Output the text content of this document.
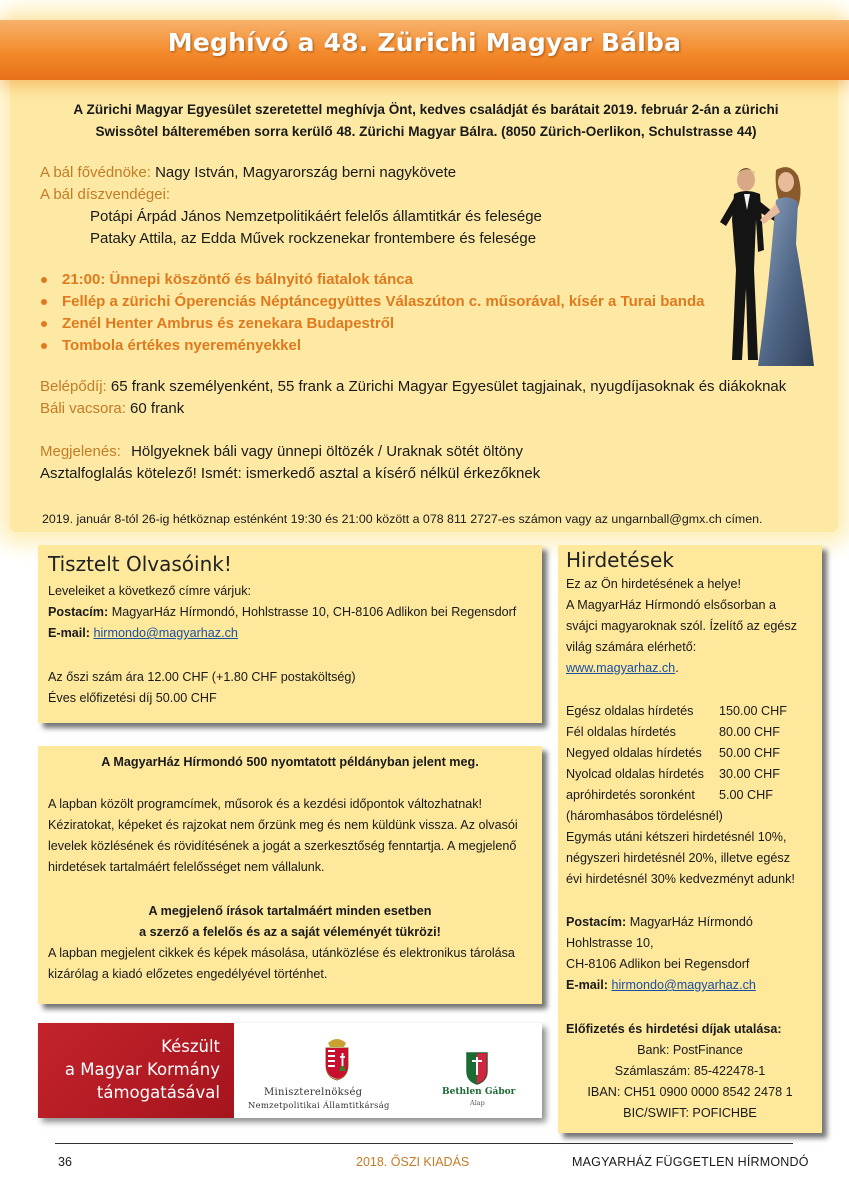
Meghívó a 48. Zürichi Magyar Bálba
A Zürichi Magyar Egyesület szeretettel meghívja Önt, kedves családját és barátait 2019. február 2-án a zürichi
Swissôtel bálteremében sorra kerülő 48. Zürichi Magyar Bálra. (8050 Zürich-Oerlikon, Schulstrasse 44)
A bál fővédnöke: Nagy István, Magyarország berni nagykövete
A bál díszvendégei:
Potápi Árpád János Nemzetpolitikáért felelős államtitkár és felesége
Pataky Attila, az Edda Művek rockzenekar frontembere és felesége
21:00: Ünnepi köszöntő és bálnyitó fiatalok tánca
Fellép a zürichi Óperenciás Néptáncegyüttes Válaszúton c. műsorával, kísér a Turai banda
Zenél Henter Ambrus és zenekara Budapestről
Tombola értékes nyereményekkel
Belépődíj: 65 frank személyenként, 55 frank a Zürichi Magyar Egyesület tagjainak, nyugdíjasoknak és diákoknak
Báli vacsora: 60 frank
Megjelenés: Hölgyeknek báli vagy ünnepi öltözék / Uraknak sötét öltöny
Asztalfoglalás kötelező! Ismét: ismerkedő asztal a kísérő nélkül érkezőknek
2019. január 8-tól 26-ig hétköznap esténként 19:30 és 21:00 között a 078 811 2727-es számon vagy az ungarnball@gmx.ch címen.
Tisztelt Olvasóink!
Leveleiket a következő címre várjuk:
Postacím: MagyarHáz Hírmondó, Hohlstrasse 10, CH-8106 Adlikon bei Regensdorf
E-mail: hirmondo@magyarhaz.ch
Az őszi szám ára 12.00 CHF (+1.80 CHF postaköltség)
Éves előfizetési díj 50.00 CHF
A MagyarHáz Hírmondó 500 nyomtatott példányban jelent meg.
A lapban közölt programcímek, műsorok és a kezdési időpontok változhatnak!
Kéziratokat, képeket és rajzokat nem őrzünk meg és nem küldünk vissza. Az olvasói
levelek közlésének és rövidítésének a jogát a szerkesztőség fenntartja. A megjelenő
hirdetések tartalmáért felelősséget nem vállalunk.
A megjelenő írások tartalmáért minden esetben
a szerző a felelős és az a saját véleményét tükrözi!
A lapban megjelent cikkek és képek másolása, utánközlése és elektronikus tárolása
kizárólag a kiadó előzetes engedélyével történhet.
Hirdetések
Ez az Ön hirdetésének a helye!
A MagyarHáz Hírmondó elsősorban a
svájci magyaroknak szól. Ízelítő az egész
világ számára elérhető:
www.magyarhaz.ch.
Egész oldalas hírdetés 150.00 CHF
Fél oldalas hírdetés	80.00 CHF
Negyed oldalas hírdetés 50.00 CHF
Nyolcad oldalas hírdetés 30.00 CHF
apróhirdetés soronként 5.00 CHF
(háromhasábos tördelésnél)
Egymás utáni kétszeri hirdetésnél 10%,
négyszeri hirdetésnél 20%, illetve egész
évi hirdetésnél 30% kedvezményt adunk!
Postacím: MagyarHáz Hírmondó
Hohlstrasse 10,
CH-8106 Adlikon bei Regensdorf
E-mail: hirmondo@magyarhaz.ch
Előfizetés és hirdetési díjak utalása:
Bank: PostFinance
Számlaszám: 85-422478-1
IBAN: CH51 0900 0000 8542 2478 1
BIC/SWIFT: POFICHBE
Készült
a Magyar Kormány
támogatásával	Miniszterelnökség
Nemzetpolitikai Államtitkárság
Bethlen Gábor
Alap
36	2018. ŐSZI KIADÁS	MAGYARHÁZ FÜGGETLEN HÍRMONDÓ
